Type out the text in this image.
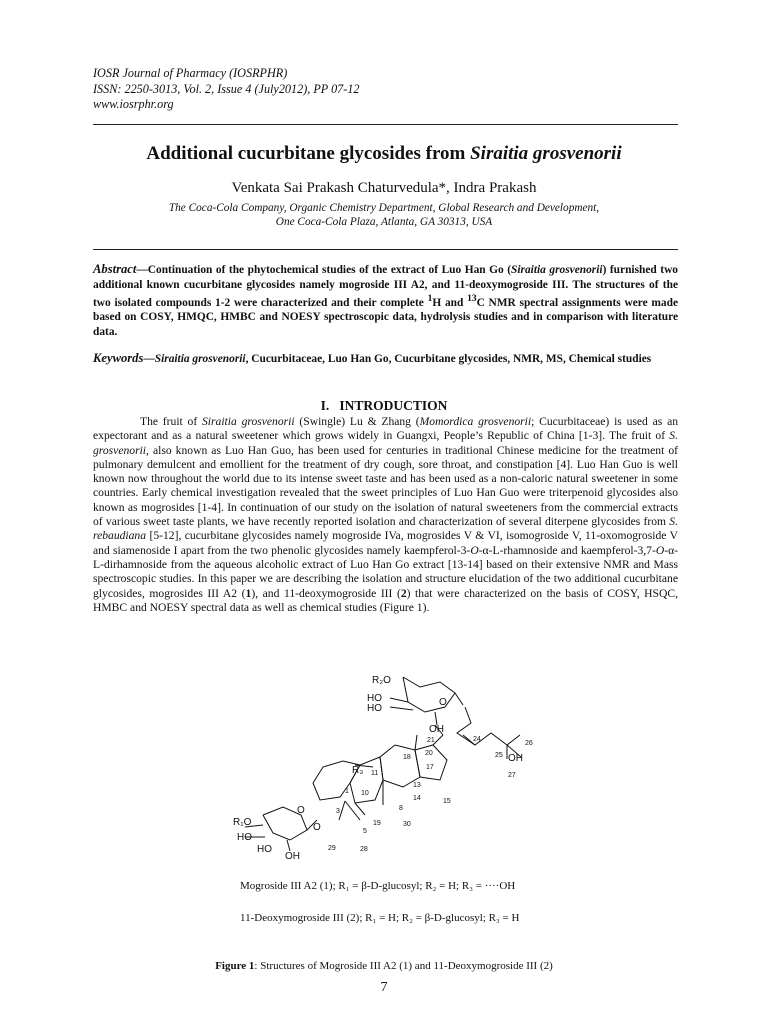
IOSR Journal of Pharmacy (IOSRPHR)
ISSN: 2250-3013, Vol. 2, Issue 4 (July2012), PP 07-12
www.iosrphr.org
Additional cucurbitane glycosides from Siraitia grosvenorii
Venkata Sai Prakash Chaturvedula*, Indra Prakash
The Coca-Cola Company, Organic Chemistry Department, Global Research and Development,
One Coca-Cola Plaza, Atlanta, GA 30313, USA
Abstract—Continuation of the phytochemical studies of the extract of Luo Han Go (Siraitia grosvenorii) furnished two additional known cucurbitane glycosides namely mogroside III A2, and 11-deoxymogroside III. The structures of the two isolated compounds 1-2 were characterized and their complete $^1$H and $^{13}$C NMR spectral assignments were made based on COSY, HMQC, HMBC and NOESY spectroscopic data, hydrolysis studies and in comparison with literature data.
Keywords—Siraitia grosvenorii, Cucurbitaceae, Luo Han Go, Cucurbitane glycosides, NMR, MS, Chemical studies
I. INTRODUCTION
The fruit of Siraitia grosvenorii (Swingle) Lu & Zhang (Momordica grosvenorii; Cucurbitaceae) is used as an expectorant and as a natural sweetener which grows widely in Guangxi, People’s Republic of China [1-3]. The fruit of S. grosvenorii, also known as Luo Han Guo, has been used for centuries in traditional Chinese medicine for the treatment of pulmonary demulcent and emollient for the treatment of dry cough, sore throat, and constipation [4]. Luo Han Guo is well known now throughout the world due to its intense sweet taste and has been used as a non-caloric natural sweetener in some countries. Early chemical investigation revealed that the sweet principles of Luo Han Guo were triterpenoid glycosides also known as mogrosides [1-4]. In continuation of our study on the isolation of natural sweeteners from the commercial extracts of various sweet taste plants, we have recently reported isolation and characterization of several diterpene glycosides from S. rebaudiana [5-12], cucurbitane glycosides namely mogroside IVa, mogrosides V & VI, isomogroside V, 11-oxomogroside V and siamenoside I apart from the two phenolic glycosides namely kaempferol-3-O-α-L-rhamnoside and kaempferol-3,7-O-α-L-dirhamnoside from the aqueous alcoholic extract of Luo Han Go extract [13-14] based on their extensive NMR and Mass spectroscopic studies. In this paper we are describing the isolation and structure elucidation of the two additional cucurbitane glycosides, mogrosides III A2 (1), and 11-deoxymogroside III (2) that were characterized on the basis of COSY, HSQC, HMBC and NOESY spectral data as well as chemical studies (Figure 1).
R₂O
HO
HO
O
OH
21	24
26
18
20	25 OH
17
27
R₃ 11
13
1 10
14	15
8
R₁O
3
19	30
O
O
HO
5
HO
OH
29	28
Mogroside III A2 (1); R₁ = β-D-glucosyl; R₂ = H; R₃ = ····OH
11-Deoxymogroside III (2); R₁ = H; R₂ = β-D-glucosyl; R₃ = H
Figure 1: Structures of Mogroside III A2 (1) and 11-Deoxymogroside III (2)
7
